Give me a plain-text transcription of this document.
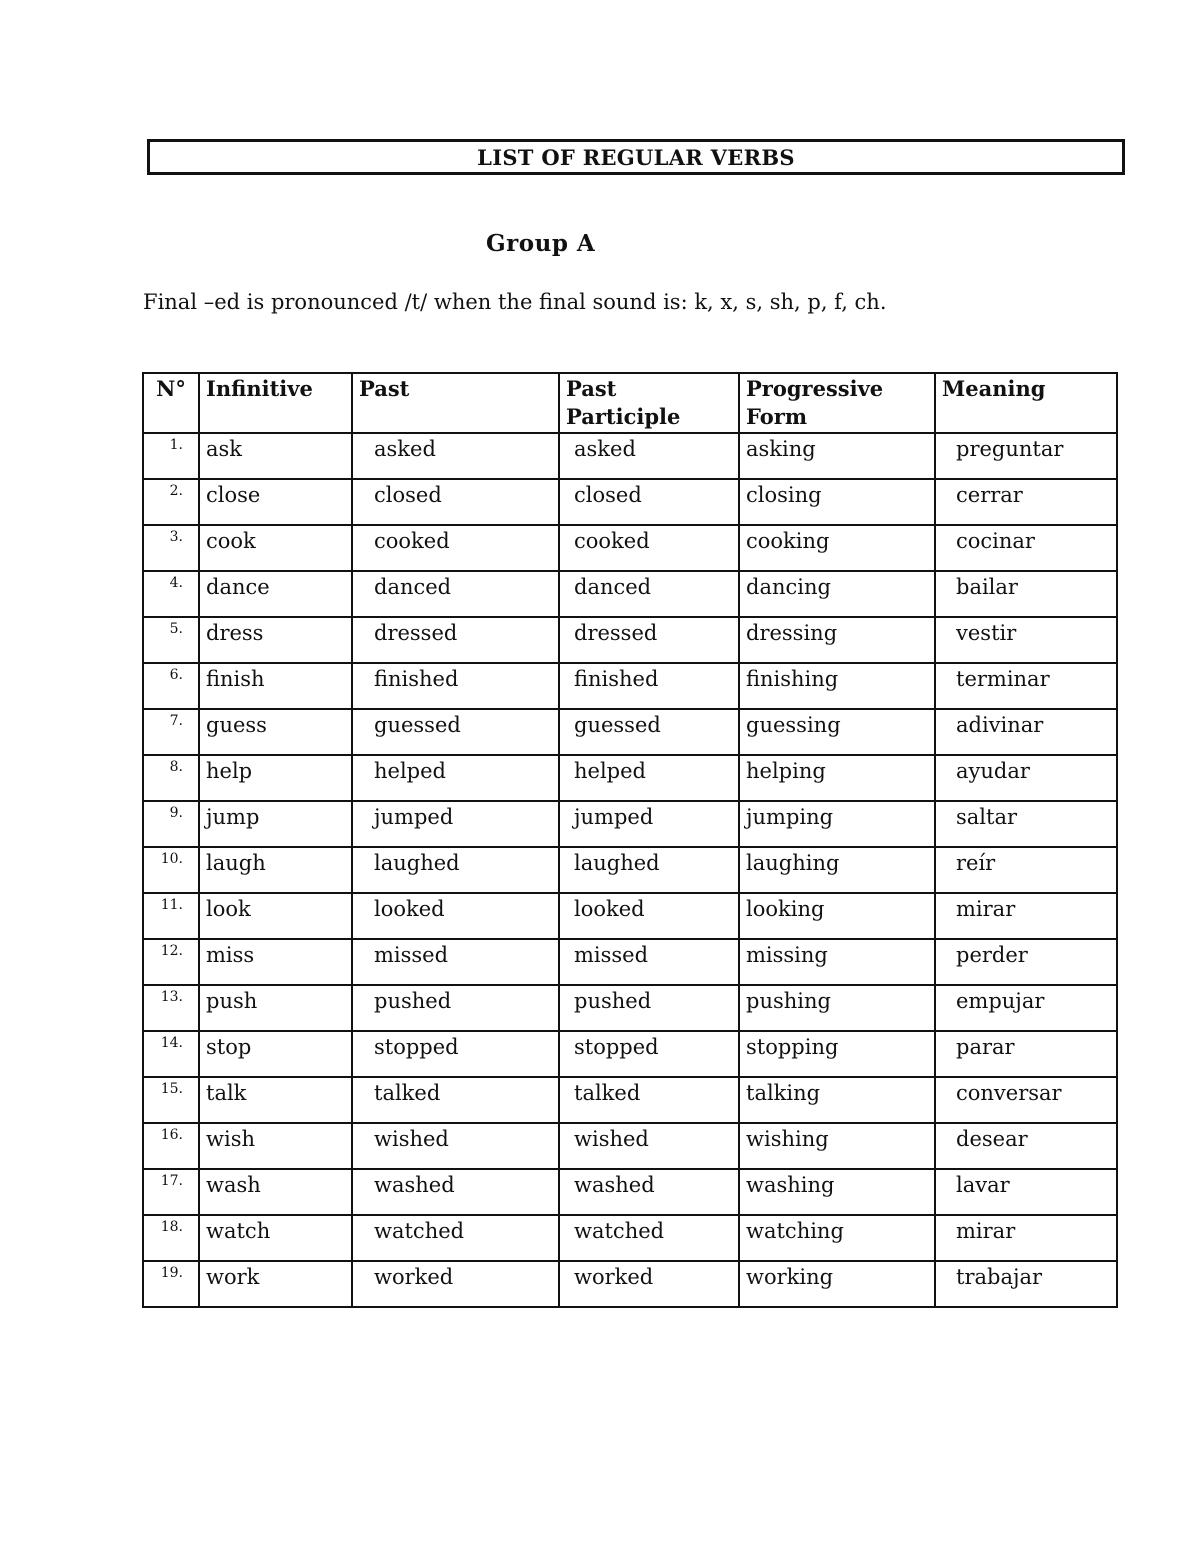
LIST OF REGULAR VERBS
Group A
Final –ed is pronounced /t/ when the final sound is: k, x, s, sh, p, f, ch.
N°	Infinitive	Past	Past Participle	Progressive Form	Meaning
1.	ask	asked	asked	asking	preguntar
2.	close	closed	closed	closing	cerrar
3.	cook	cooked	cooked	cooking	cocinar
4.	dance	danced	danced	dancing	bailar
5.	dress	dressed	dressed	dressing	vestir
6.	finish	finished	finished	finishing	terminar
7.	guess	guessed	guessed	guessing	adivinar
8.	help	helped	helped	helping	ayudar
9.	jump	jumped	jumped	jumping	saltar
10.	laugh	laughed	laughed	laughing	reír
11.	look	looked	looked	looking	mirar
12.	miss	missed	missed	missing	perder
13.	push	pushed	pushed	pushing	empujar
14.	stop	stopped	stopped	stopping	parar
15.	talk	talked	talked	talking	conversar
16.	wish	wished	wished	wishing	desear
17.	wash	washed	washed	washing	lavar
18.	watch	watched	watched	watching	mirar
19.	work	worked	worked	working	trabajar
